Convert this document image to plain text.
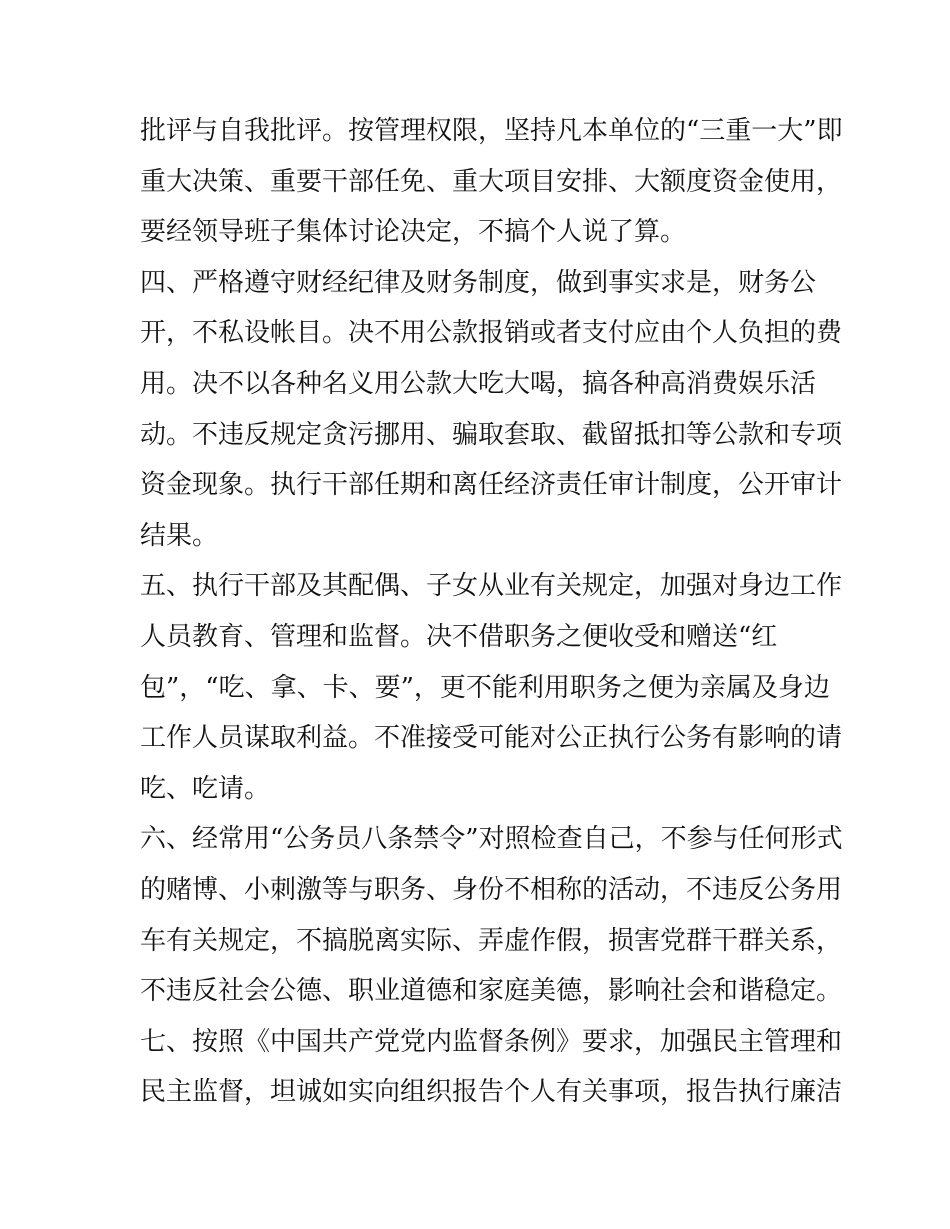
批评与自我批评。按管理权限，坚持凡本单位的“三重一大”即
重大决策、重要干部任免、重大项目安排、大额度资金使用，
要经领导班子集体讨论决定，不搞个人说了算。
四、严格遵守财经纪律及财务制度，做到事实求是，财务公
开，不私设帐目。决不用公款报销或者支付应由个人负担的费
用。决不以各种名义用公款大吃大喝，搞各种高消费娱乐活
动。不违反规定贪污挪用、骗取套取、截留抵扣等公款和专项
资金现象。执行干部任期和离任经济责任审计制度，公开审计
结果。
五、执行干部及其配偶、子女从业有关规定，加强对身边工作
人员教育、管理和监督。决不借职务之便收受和赠送“红
包”，“吃、拿、卡、要”，更不能利用职务之便为亲属及身边
工作人员谋取利益。不准接受可能对公正执行公务有影响的请
吃、吃请。
六、经常用“公务员八条禁令”对照检查自己，不参与任何形式
的赌博、小刺激等与职务、身份不相称的活动，不违反公务用
车有关规定，不搞脱离实际、弄虚作假，损害党群干群关系，
不违反社会公德、职业道德和家庭美德，影响社会和谐稳定。
七、按照《中国共产党党内监督条例》要求，加强民主管理和
民主监督，坦诚如实向组织报告个人有关事项，报告执行廉洁
